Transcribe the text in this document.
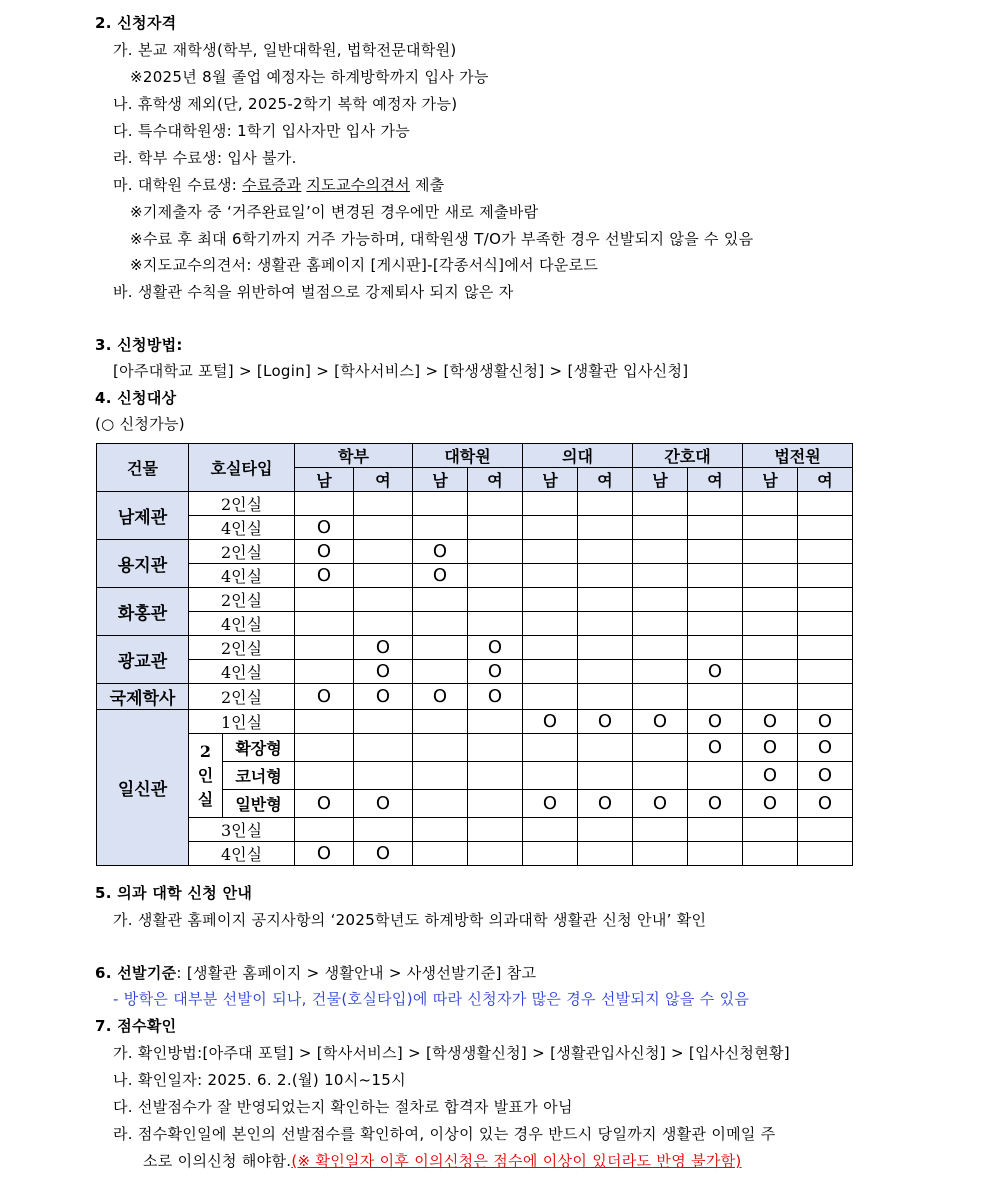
2. 신청자격
가. 본교 재학생(학부, 일반대학원, 법학전문대학원)
※2025년 8월 졸업 예정자는 하계방학까지 입사 가능
나. 휴학생 제외(단, 2025-2학기 복학 예정자 가능)
다. 특수대학원생: 1학기 입사자만 입사 가능
라. 학부 수료생: 입사 불가.
마. 대학원 수료생: 수료증과 지도교수의견서 제출
※기제출자 중 ‘거주완료일’이 변경된 경우에만 새로 제출바람
※수료 후 최대 6학기까지 거주 가능하며, 대학원생 T/O가 부족한 경우 선발되지 않을 수 있음
※지도교수의견서: 생활관 홈페이지 [게시판]-[각종서식]에서 다운로드
바. 생활관 수칙을 위반하여 벌점으로 강제퇴사 되지 않은 자
3. 신청방법:
[아주대학교 포털] > [Login] > [학사서비스] > [학생생활신청] > [생활관 입사신청]
4. 신청대상
(○ 신청가능)
건물	호실타입		학부		대학원		의대		간호대		법전원	
			남	여	남	여	남	여	남	여	남	여
남제관	2인실											
	4인실		O									
용지관	2인실		O		O							
	4인실		O		O							
화홍관	2인실											
	4인실											
광교관	2인실			O		O						
	4인실			O		O				O		
국제학사	2인실		O	O	O	O						
일신관	1인실						O	O	O	O	O	O

	2
인
실	확장형								O	O	O
		코너형									O	O
		일반형	O	O			O	O	O	O	O	O
	3인실											
	4인실		O	O								
5. 의과 대학 신청 안내
가. 생활관 홈페이지 공지사항의 ‘2025학년도 하계방학 의과대학 생활관 신청 안내’ 확인
6. 선발기준: [생활관 홈페이지 > 생활안내 > 사생선발기준] 참고
- 방학은 대부분 선발이 되나, 건물(호실타입)에 따라 신청자가 많은 경우 선발되지 않을 수 있음
7. 점수확인
가. 확인방법:[아주대 포털] > [학사서비스] > [학생생활신청] > [생활관입사신청] > [입사신청현황]
나. 확인일자: 2025. 6. 2.(월) 10시~15시
다. 선발점수가 잘 반영되었는지 확인하는 절차로 합격자 발표가 아님
라. 점수확인일에 본인의 선발점수를 확인하여, 이상이 있는 경우 반드시 당일까지 생활관 이메일 주
소로 이의신청 해야함.(※ 확인일자 이후 이의신청은 점수에 이상이 있더라도 반영 불가함)
